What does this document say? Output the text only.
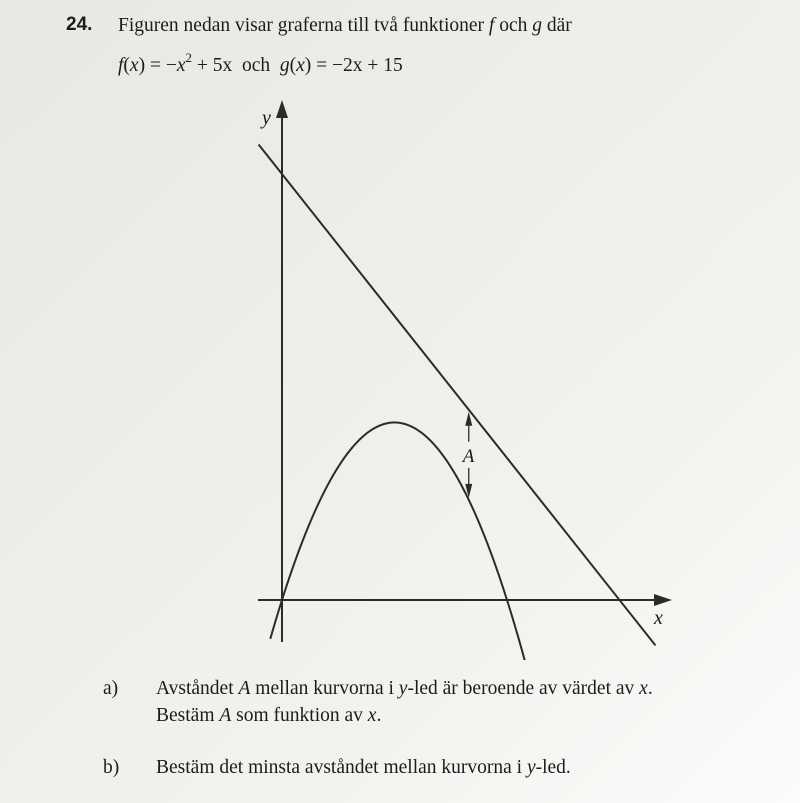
24. Figuren nedan visar graferna till två funktioner f och g där
$f(x) = -x^2 + 5x$  och  g(x) = −2x + 15
A
x
y
a) Avståndet A mellan kurvorna i y-led är beroende av värdet av x.
Bestäm A som funktion av x.
b) Bestäm det minsta avståndet mellan kurvorna i y-led.
